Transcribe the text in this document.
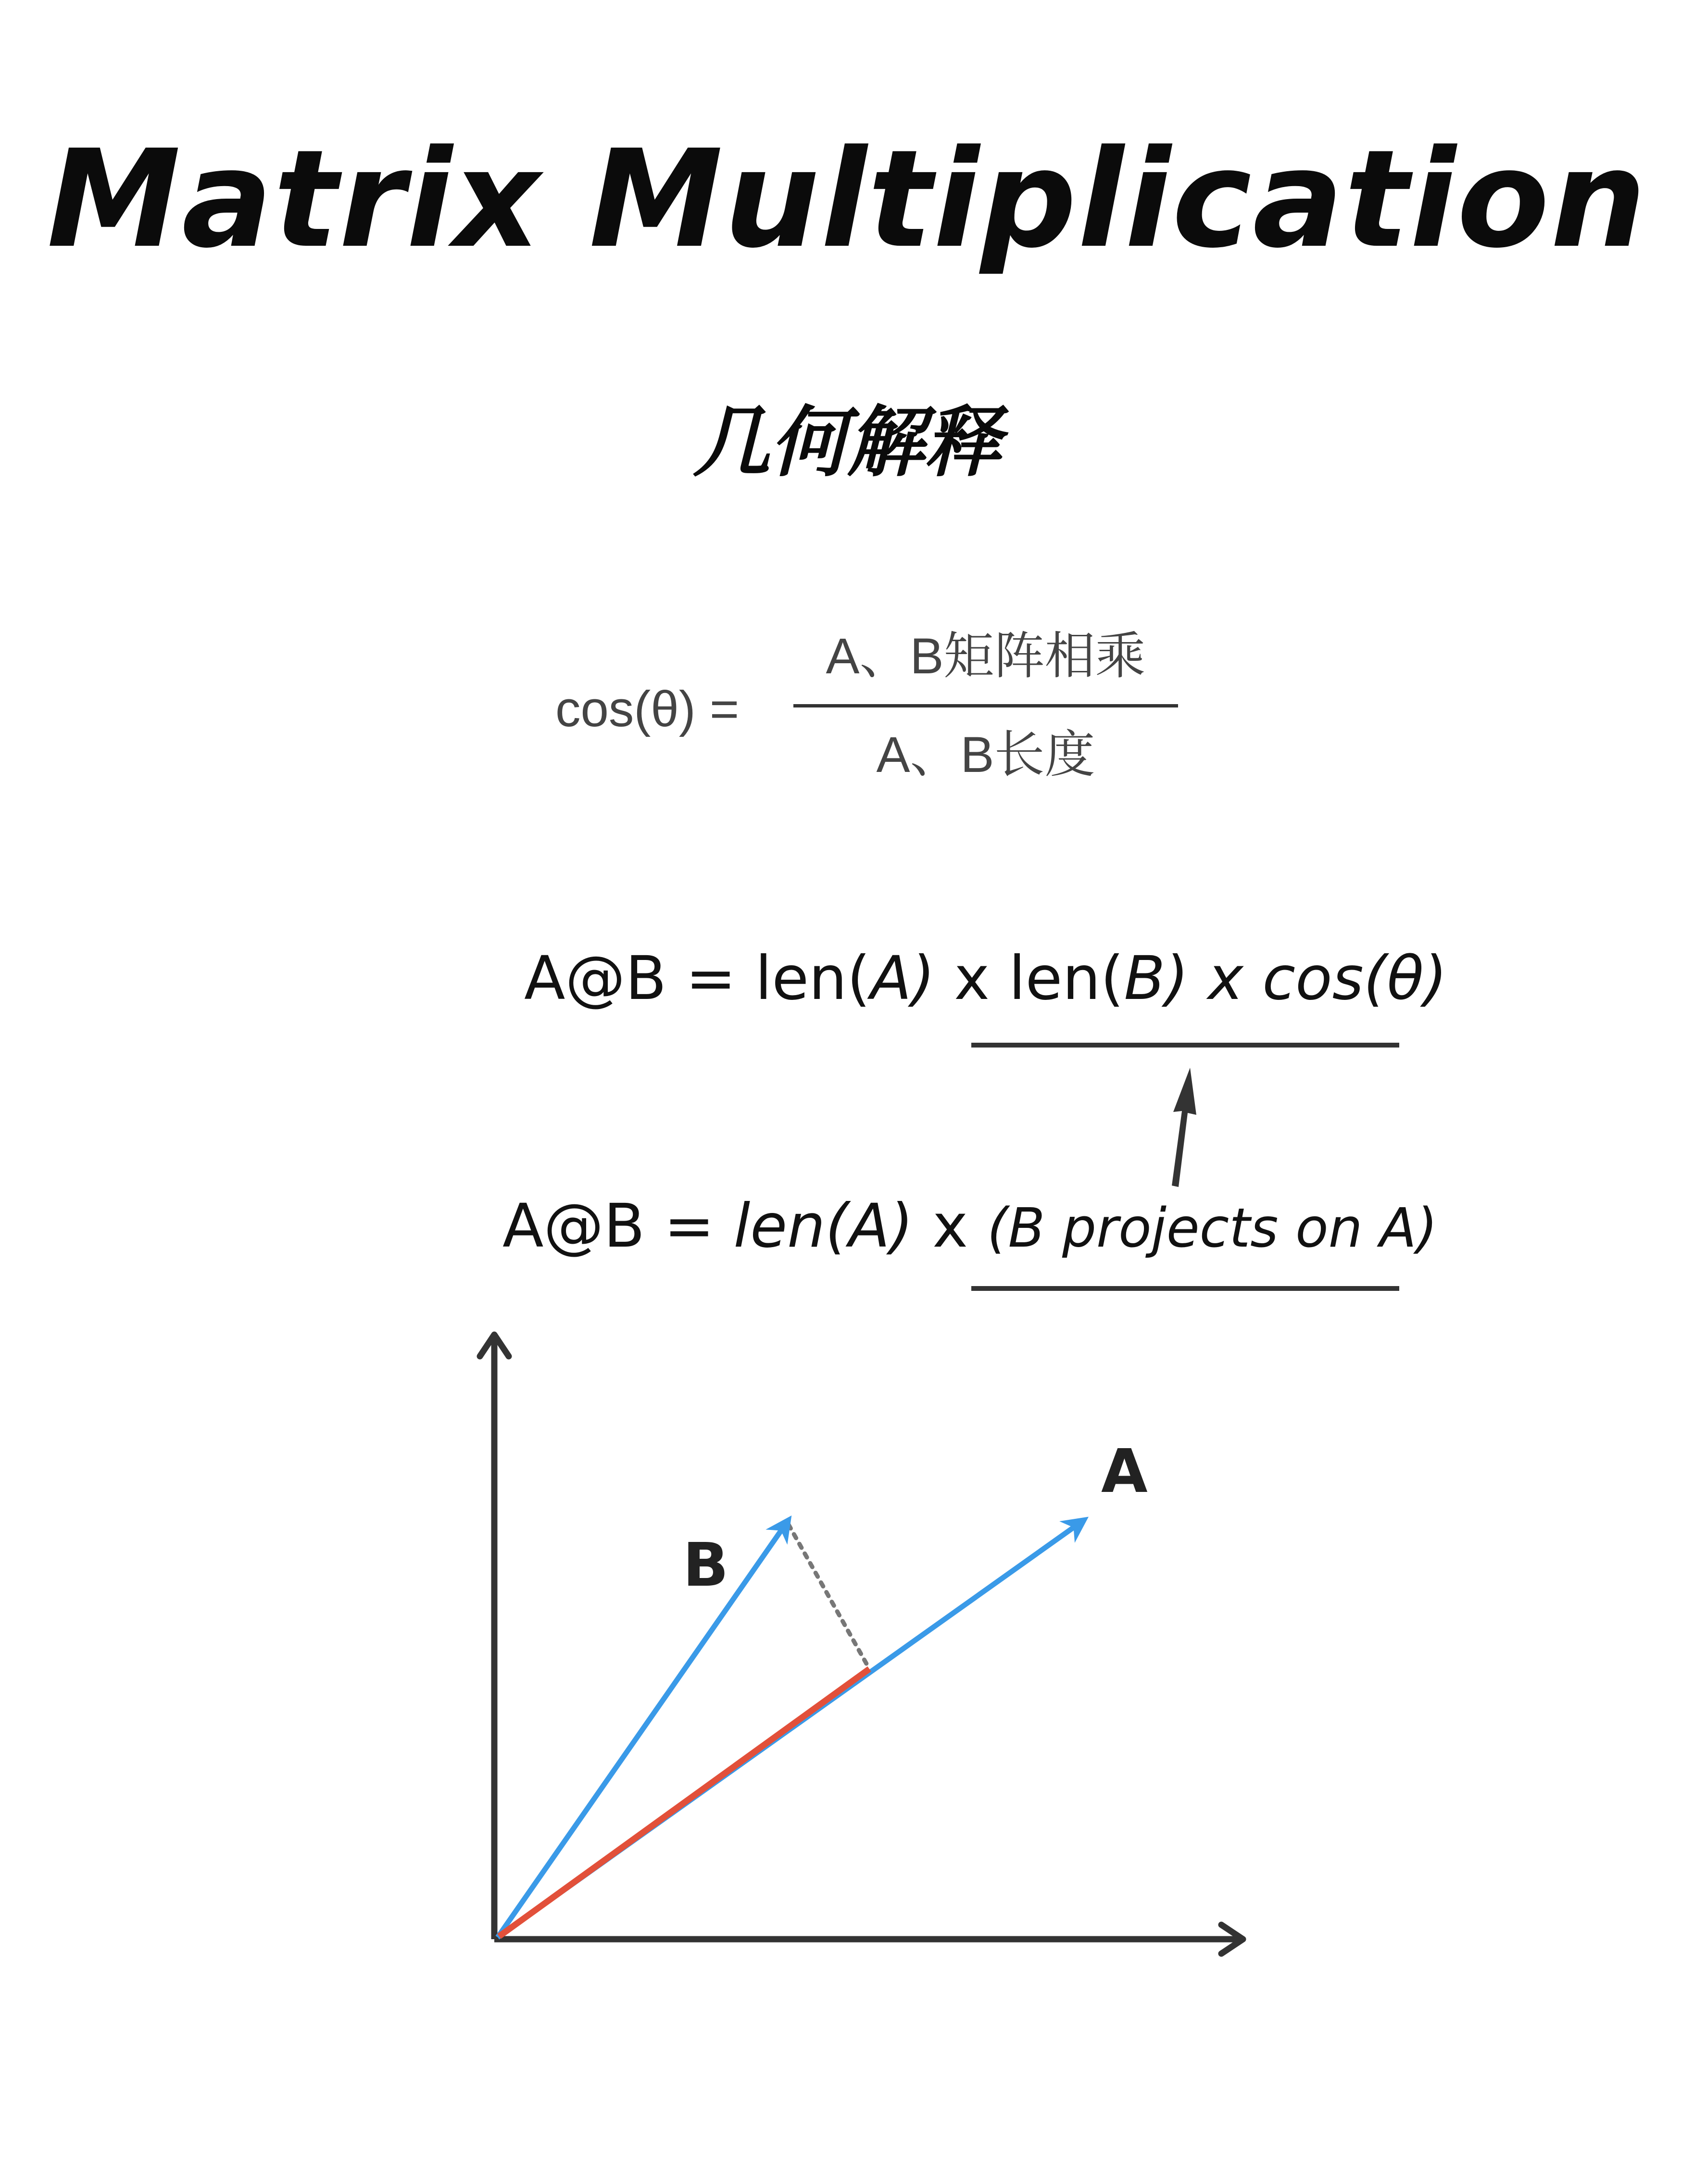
Matrix Multiplication
几何解释
cos(θ) =
A、B矩阵相乘
A、B长度
A@B = len(A) x len(B) x cos(θ)
A@B = len(A) x (B projects on A)
A
B
